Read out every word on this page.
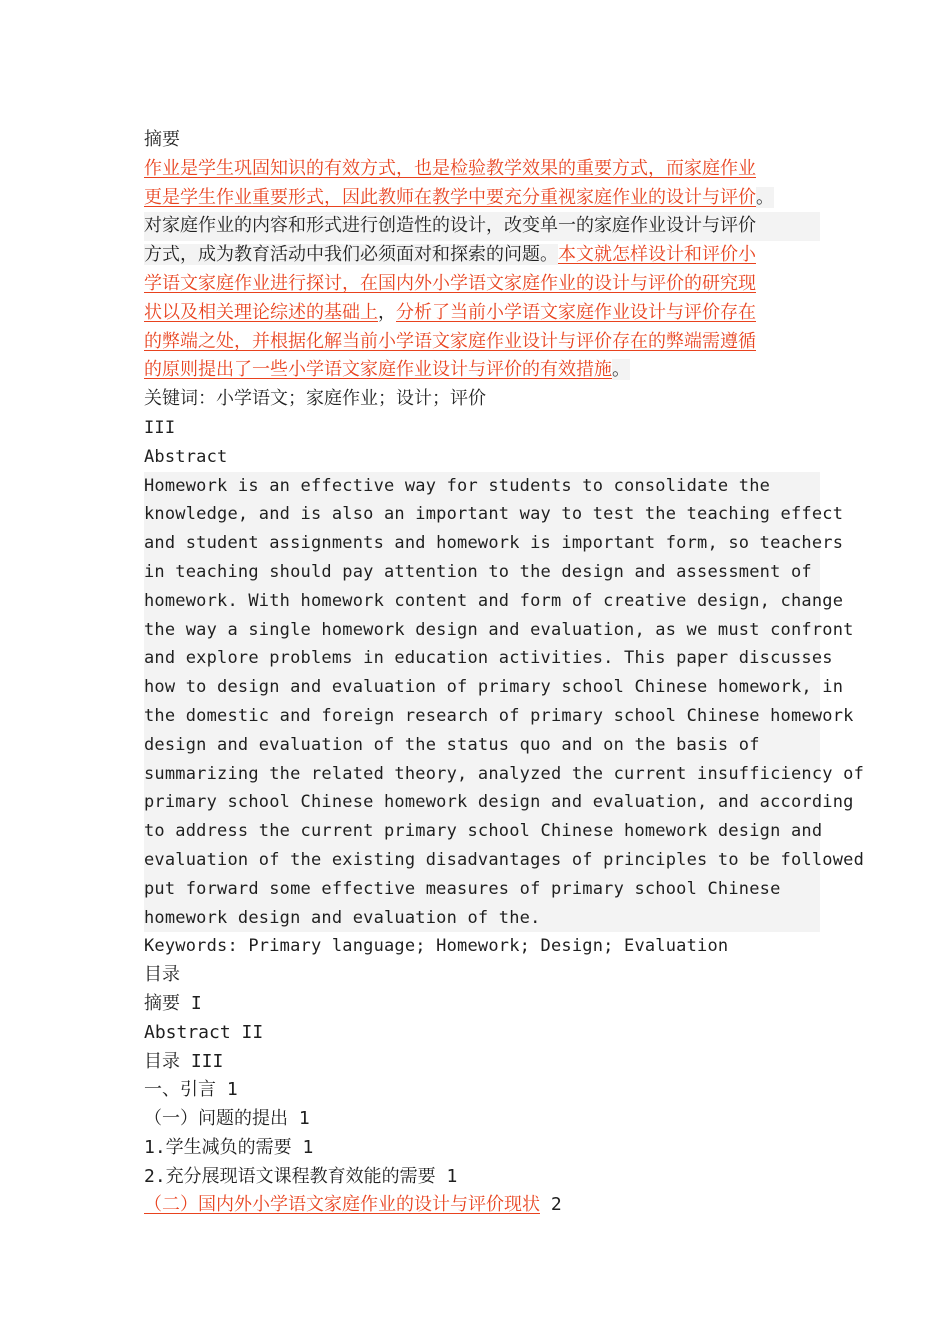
摘要
作业是学生巩固知识的有效方式，也是检验教学效果的重要方式，而家庭作业
更是学生作业重要形式，因此教师在教学中要充分重视家庭作业的设计与评价。
对家庭作业的内容和形式进行创造性的设计，改变单一的家庭作业设计与评价
方式，成为教育活动中我们必须面对和探索的问题。本文就怎样设计和评价小
学语文家庭作业进行探讨，在国内外小学语文家庭作业的设计与评价的研究现
状以及相关理论综述的基础上，分析了当前小学语文家庭作业设计与评价存在
的弊端之处，并根据化解当前小学语文家庭作业设计与评价存在的弊端需遵循
的原则提出了一些小学语文家庭作业设计与评价的有效措施。
关键词：小学语文；家庭作业；设计；评价
III
Abstract
Homework is an effective way for students to consolidate the
knowledge, and is also an important way to test the teaching effect
and student assignments and homework is important form, so teachers
in teaching should pay attention to the design and assessment of
homework. With homework content and form of creative design, change
the way a single homework design and evaluation, as we must confront
and explore problems in education activities. This paper discusses
how to design and evaluation of primary school Chinese homework, in
the domestic and foreign research of primary school Chinese homework
design and evaluation of the status quo and on the basis of
summarizing the related theory, analyzed the current insufficiency of
primary school Chinese homework design and evaluation, and according
to address the current primary school Chinese homework design and
evaluation of the existing disadvantages of principles to be followed
put forward some effective measures of primary school Chinese
homework design and evaluation of the.
Keywords: Primary language; Homework; Design; Evaluation
目录
摘要 I
Abstract II
目录 III
一、引言 1
（一）问题的提出 1
1.学生减负的需要 1
2.充分展现语文课程教育效能的需要 1
（二）国内外小学语文家庭作业的设计与评价现状 2
